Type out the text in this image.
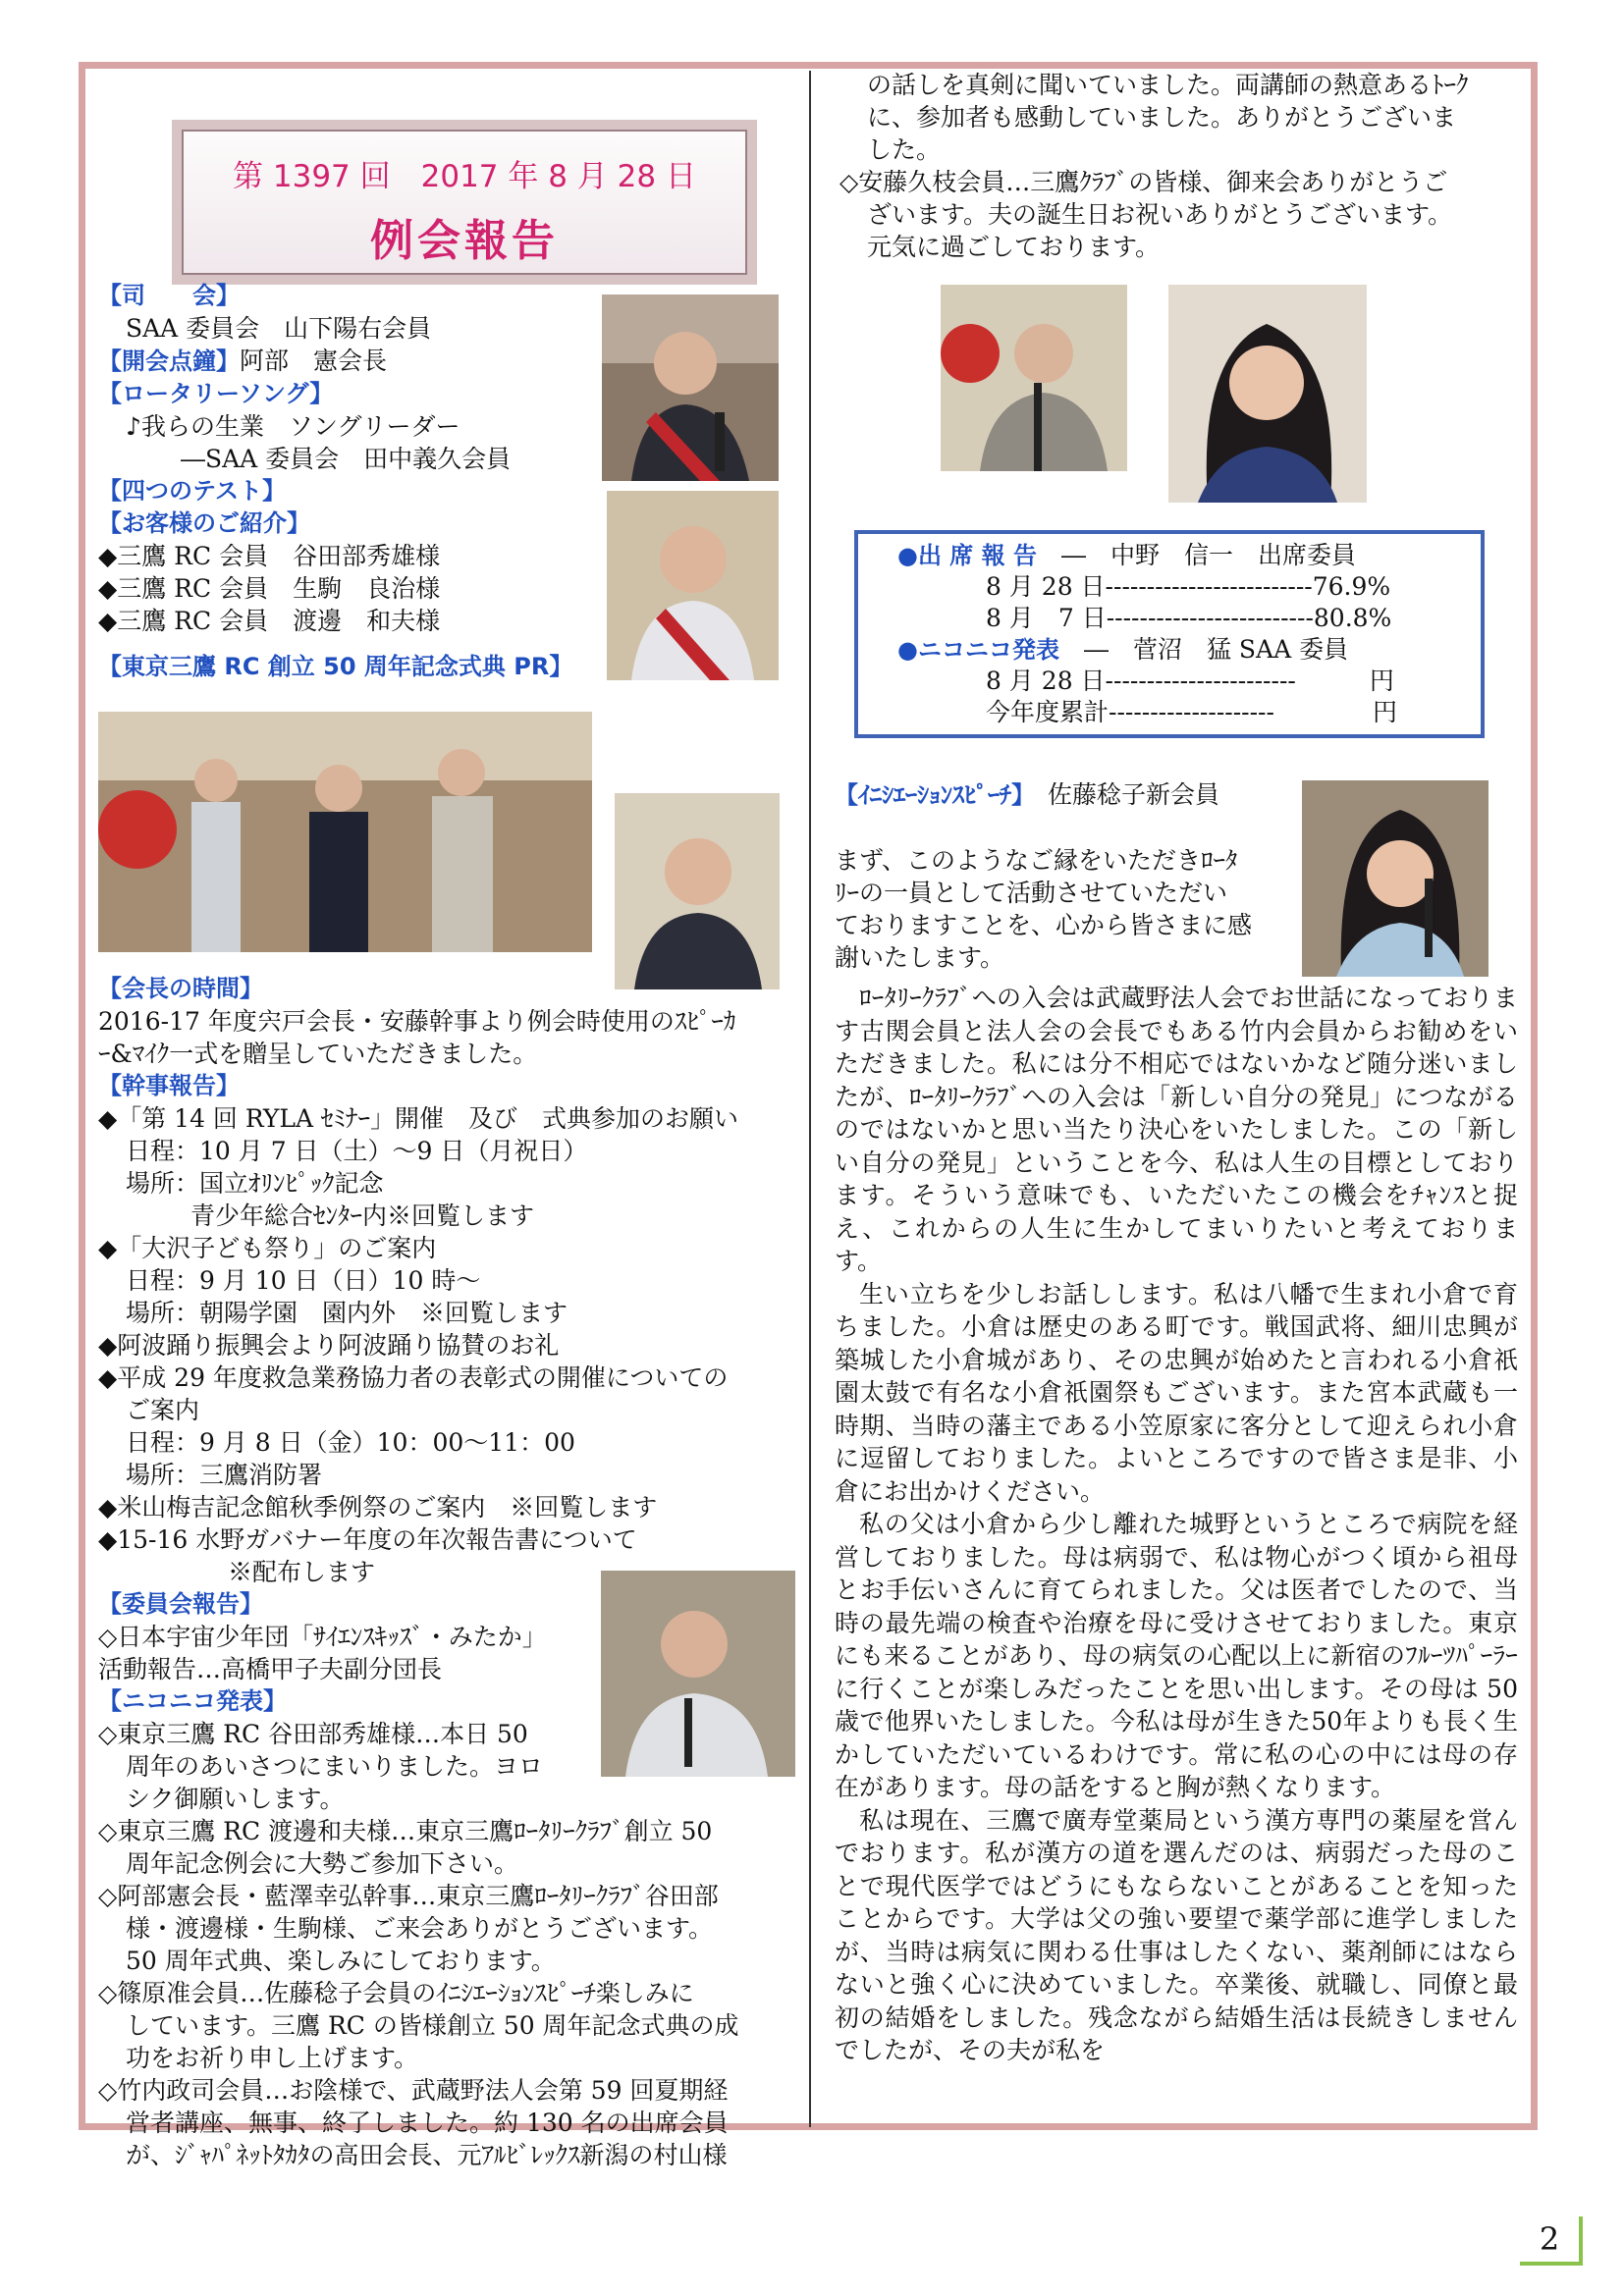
第 1397 回　2017 年 8 月 28 日
例会報告
【司　　会】
SAA 委員会　山下陽右会員
【開会点鐘】阿部　憲会長
【ロータリーソング】
♪我らの生業　ソングリーダー
―SAA 委員会　田中義久会員
【四つのテスト】
【お客様のご紹介】
◆三鷹 RC 会員　谷田部秀雄様
◆三鷹 RC 会員　生駒　良治様
◆三鷹 RC 会員　渡邊　和夫様
【東京三鷹 RC 創立 50 周年記念式典 PR】
【会長の時間】
2016-17 年度宍戸会長・安藤幹事より例会時使用のｽﾋﾟｰｶ
ｰ&ﾏｲｸ一式を贈呈していただきました。
【幹事報告】
◆「第 14 回 RYLA ｾﾐﾅｰ」開催　及び　式典参加のお願い
日程：10 月 7 日（土）～9 日（月祝日）
場所：国立ｵﾘﾝﾋﾟｯｸ記念
青少年総合ｾﾝﾀｰ内※回覧します
◆「大沢子ども祭り」のご案内
日程：9 月 10 日（日）10 時～
場所：朝陽学園　園内外　※回覧します
◆阿波踊り振興会より阿波踊り協賛のお礼
◆平成 29 年度救急業務協力者の表彰式の開催についての
ご案内
日程：9 月 8 日（金）10：00～11：00
場所：三鷹消防署
◆米山梅吉記念館秋季例祭のご案内　※回覧します
◆15-16 水野ガバナー年度の年次報告書について
※配布します
【委員会報告】
◇日本宇宙少年団「ｻｲｴﾝｽｷｯｽﾞ・みたか」
活動報告…高橋甲子夫副分団長
【ニコニコ発表】
◇東京三鷹 RC 谷田部秀雄様…本日 50
周年のあいさつにまいりました。ヨロ
シク御願いします。
◇東京三鷹 RC 渡邊和夫様…東京三鷹ﾛｰﾀﾘｰｸﾗﾌﾞ創立 50
周年記念例会に大勢ご参加下さい。
◇阿部憲会長・藍澤幸弘幹事…東京三鷹ﾛｰﾀﾘｰｸﾗﾌﾞ谷田部
様・渡邊様・生駒様、ご来会ありがとうございます。
50 周年式典、楽しみにしております。
◇篠原准会員…佐藤稔子会員のｲﾆｼｴｰｼｮﾝｽﾋﾟｰﾁ楽しみに
しています。三鷹 RC の皆様創立 50 周年記念式典の成
功をお祈り申し上げます。
◇竹内政司会員…お陰様で、武蔵野法人会第 59 回夏期経
営者講座、無事、終了しました。約 130 名の出席会員
が、ｼﾞｬﾊﾟﾈｯﾄﾀｶﾀの高田会長、元ｱﾙﾋﾞﾚｯｸｽ新潟の村山様
の話しを真剣に聞いていました。両講師の熱意あるﾄｰｸ
に、参加者も感動していました。ありがとうございま
した。
◇安藤久枝会員…三鷹ｸﾗﾌﾞの皆様、御来会ありがとうご
ざいます。夫の誕生日お祝いありがとうございます。
元気に過ごしております。
●出 席 報 告　 ―　中野　信一　出席委員
8 月 28 日-------------------------76.9%
8 月　7 日-------------------------80.8%
●ニコニコ発表　 ―　菅沼　猛 SAA 委員
8 月 28 日-----------------------　　　円
今年度累計--------------------　　　　円
【ｲﾆｼｴｰｼｮﾝｽﾋﾟｰﾁ】　 佐藤稔子新会員
まず、このようなご縁をいただきﾛｰﾀ
ﾘｰの一員として活動させていただい
ておりますことを、心から皆さまに感
謝いたします。

ﾛｰﾀﾘｰｸﾗﾌﾞへの入会は武蔵野法人会でお世話になっております古関会員と法人会の会長でもある竹内会員からお勧めをいただきました。私には分不相応ではないかなど随分迷いましたが、ﾛｰﾀﾘｰｸﾗﾌﾞへの入会は「新しい自分の発見」につながるのではないかと思い当たり決心をいたしました。この「新しい自分の発見」ということを今、私は人生の目標としております。そういう意味でも、いただいたこの機会をﾁｬﾝｽと捉え、これからの人生に生かしてまいりたいと考えております。

生い立ちを少しお話しします。私は八幡で生まれ小倉で育ちました。小倉は歴史のある町です。戦国武将、細川忠興が築城した小倉城があり、その忠興が始めたと言われる小倉祇園太鼓で有名な小倉祇園祭もございます。また宮本武蔵も一時期、当時の藩主である小笠原家に客分として迎えられ小倉に逗留しておりました。よいところですので皆さま是非、小倉にお出かけください。

私の父は小倉から少し離れた城野というところで病院を経営しておりました。母は病弱で、私は物心がつく頃から祖母とお手伝いさんに育てられました。父は医者でしたので、当時の最先端の検査や治療を母に受けさせておりました。東京にも来ることがあり、母の病気の心配以上に新宿のﾌﾙｰﾂﾊﾟｰﾗｰに行くことが楽しみだったことを思い出します。その母は 50 歳で他界いたしました。今私は母が生きた50年よりも長く生かしていただいているわけです。常に私の心の中には母の存在があります。母の話をすると胸が熱くなります。

私は現在、三鷹で廣寿堂薬局という漢方専門の薬屋を営んでおります。私が漢方の道を選んだのは、病弱だった母のことで現代医学ではどうにもならないことがあることを知ったことからです。大学は父の強い要望で薬学部に進学しましたが、当時は病気に関わる仕事はしたくない、薬剤師にはならないと強く心に決めていました。卒業後、就職し、同僚と最初の結婚をしました。残念ながら結婚生活は長続きしませんでしたが、その夫が私を

2
